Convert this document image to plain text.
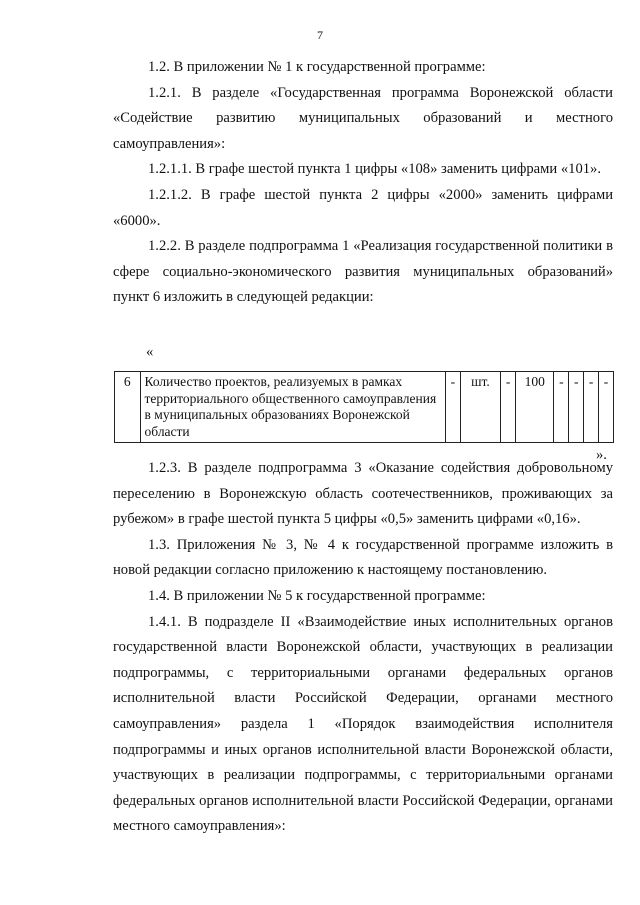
7

1.2. В приложении № 1 к государственной программе:

1.2.1. В разделе «Государственная программа Воронежской области «Содействие развитию муниципальных образований и местного самоуправления»:

1.2.1.1. В графе шестой пункта 1 цифры «108» заменить цифрами «101».

1.2.1.2. В графе шестой пункта 2 цифры «2000» заменить цифрами «6000».

1.2.2. В разделе подпрограмма 1 «Реализация государственной политики в сфере социально-экономического развития муниципальных образований» пункт 6 изложить в следующей редакции:

«
6	Количество проектов, реализуемых в рамках территориального общественного самоуправления в муниципальных образованиях Воронежской области	-	шт.	-	100	-	-	-	-
».

1.2.3. В разделе подпрограмма 3 «Оказание содействия добровольному переселению в Воронежскую область соотечественников, проживающих за рубежом» в графе шестой пункта 5 цифры «0,5» заменить цифрами «0,16».

1.3. Приложения № 3, № 4 к государственной программе изложить в новой редакции согласно приложению к настоящему постановлению.

1.4. В приложении № 5 к государственной программе:

1.4.1. В подразделе II «Взаимодействие иных исполнительных органов государственной власти Воронежской области, участвующих в реализации подпрограммы, с территориальными органами федеральных органов исполнительной власти Российской Федерации, органами местного самоуправления» раздела 1 «Порядок взаимодействия исполнителя подпрограммы и иных органов исполнительной власти Воронежской области, участвующих в реализации подпрограммы, с территориальными органами федеральных органов исполнительной власти Российской Федерации, органами местного самоуправления»:
